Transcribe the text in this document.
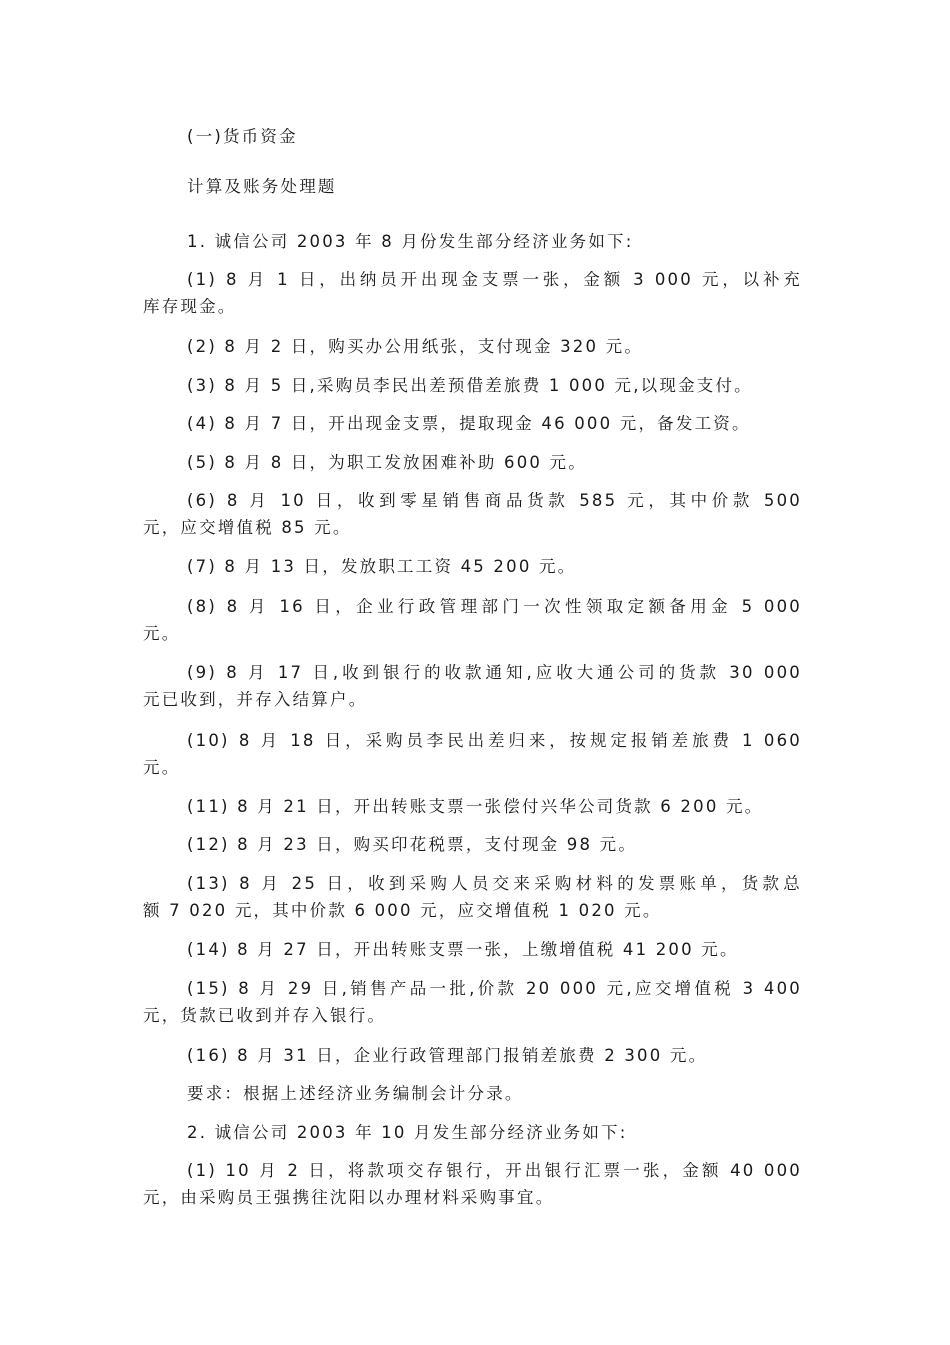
(一)货币资金
计算及账务处理题
1. 诚信公司 2003 年 8 月份发生部分经济业务如下:
(1) 8 月 1 日，出纳员开出现金支票一张，金额 3 000 元，以补充
库存现金。
(2) 8 月 2 日，购买办公用纸张，支付现金 320 元。
(3) 8 月 5 日,采购员李民出差预借差旅费 1 000 元,以现金支付。
(4) 8 月 7 日，开出现金支票，提取现金 46 000 元，备发工资。
(5) 8 月 8 日，为职工发放困难补助 600 元。
(6) 8 月 10 日，收到零星销售商品货款 585 元，其中价款 500
元，应交增值税 85 元。
(7) 8 月 13 日，发放职工工资 45 200 元。
(8) 8 月 16 日，企业行政管理部门一次性领取定额备用金 5 000
元。
(9) 8 月 17 日,收到银行的收款通知,应收大通公司的货款 30 000
元已收到，并存入结算户。
(10) 8 月 18 日，采购员李民出差归来，按规定报销差旅费 1 060
元。
(11) 8 月 21 日，开出转账支票一张偿付兴华公司货款 6 200 元。
(12) 8 月 23 日，购买印花税票，支付现金 98 元。
(13) 8 月 25 日，收到采购人员交来采购材料的发票账单，货款总
额 7 020 元，其中价款 6 000 元，应交增值税 1 020 元。
(14) 8 月 27 日，开出转账支票一张，上缴增值税 41 200 元。
(15) 8 月 29 日,销售产品一批,价款 20 000 元,应交增值税 3 400
元，货款已收到并存入银行。
(16) 8 月 31 日，企业行政管理部门报销差旅费 2 300 元。
要求：根据上述经济业务编制会计分录。
2. 诚信公司 2003 年 10 月发生部分经济业务如下:
(1) 10 月 2 日，将款项交存银行，开出银行汇票一张，金额 40 000
元，由采购员王强携往沈阳以办理材料采购事宜。
